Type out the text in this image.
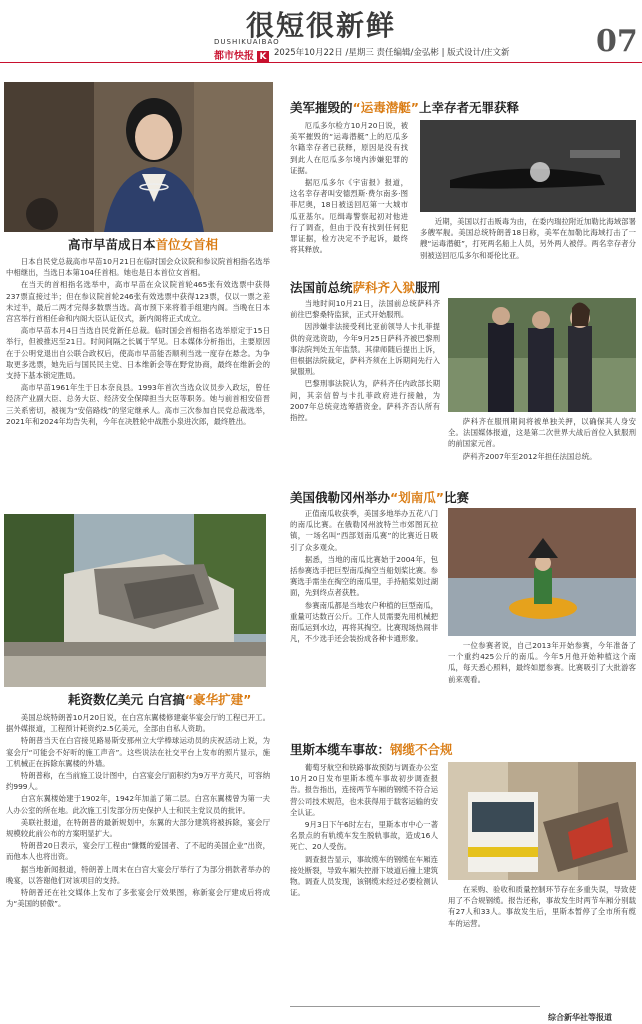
很短很新鲜
DUSHIKUAIBAO
都市快报 K 2025年10月22日 /星期三 责任编辑/金弘彬 | 版式设计/庄文新	07
高市早苗成日本首位女首相

日本自民党总裁高市早苗10月21日在临时国会众议院和参议院首相指名选举中相继出，当选日本第104任首相。她也是日本首位女首相。

在当天的首相指名选举中，高市早苗在众议院首轮465张有效选票中获得237票直接过半；但在参议院首轮246张有效选票中获得123票，仅以一票之差未过半，最后二两才完得多数票当选。高市预下来将着手组建内阁。当晚在日本宫宫举行首相任命和内阁大臣认证仪式，新内阁将正式成立。

高市早苗本月4日当选自民党新任总裁。临时国会首相指名选举原定于15日举行，但被推迟至21日。时间间隔之长属于罕见。日本媒体分析指出，主要原因在于公明党退出自公联合政权后，使高市早苗能否顺利当选一度存在悬念。为争取更多选票，她先后与国民民主党、日本维新会等在野党协商，最终在维新会的支持下基本锁定胜局。

高市早苗1961年生于日本奈良县。1993年首次当选众议员步入政坛，曾任经济产业副大臣、总务大臣、经济安全保障担当大臣等职务。她与前首相安倍晋三关系密切，被视为“安倍路线”的坚定继承人。高市三次参加自民党总裁选举，2021年和2024年均告失利，今年在决胜轮中战胜小泉进次郎，最终胜出。

耗资数亿美元 白宫搞“豪华扩建”

美国总统特朗普10月20日说，在白宫东翼楼修建豪华宴会厅的工程已开工。据外媒报道，工程预计耗资约2.5亿美元，全部由自私人资助。

特朗普当天在白宫接见路易斯安那州立大学棒球运动员的庆祝活动上说，为宴会厅“可能会不好听的施工声音”。这些说法在社交平台上发布的照片显示，施工机械正在拆除东翼楼的外墙。

特朗普称，在当前施工设计图中，白宫宴会厅面积约为9万平方英尺，可容纳约999人。

白宫东翼楼始建于1902年，1942年加盖了第二层。白宫东翼楼曾为第一夫人办公室的所在地。此次施工引发部分历史保护人士和民主党议员的批评。

美联社报道，在特朗普的最新规划中，东翼的大部分建筑将被拆除，宴会厅规模较此前公布的方案明显扩大。

特朗普20日表示，宴会厅工程由“慷慨的爱国者、了不起的美国企业”出资，而他本人也将出资。

据当地新闻报道，特朗普上周末在白宫大宴会厅举行了为部分捐款者举办的晚宴，以答谢他们对该项目的支持。

特朗普还在社交媒体上发布了多张宴会厅效果图，称新宴会厅建成后将成为“美国的骄傲”。

美军摧毁的“运毒潜艇”上幸存者无罪获释

厄瓜多尔检方10月20日说，被美军摧毁的“运毒潜艇”上的厄瓜多尔籍幸存者已获释，原因是没有找到此人在厄瓜多尔境内涉嫌犯罪的证据。

据厄瓜多尔《宇宙报》报道，这名幸存者叫安德烈斯·费尔南多·图菲尼奥，18日被送回厄第一大城市瓜亚基尔。厄缉毒警察起初对他进行了调查，但由于没有找到任何犯罪证据，检方决定不予起诉，最终将其释放。

近期，美国以打击贩毒为由，在委内瑞拉附近加勒比海域部署多艘军舰。美国总统特朗普18日称，美军在加勒比海域打击了一艘“运毒潜艇”，打死两名船上人员，另外两人被俘。两名幸存者分别被送回厄瓜多尔和哥伦比亚。

法国前总统萨科齐入狱服刑

当地时间10月21日，法国前总统萨科齐前往巴黎桑特监狱，正式开始服刑。

因涉嫌非法接受利比亚前领导人卡扎菲提供的竞选资助，今年9月25日萨科齐被巴黎刑事法院判处五年监禁。其律师随后提出上诉，但根据法院裁定，萨科齐须在上诉期间先行入狱服刑。

巴黎刑事法院认为，萨科齐任内政部长期间，其亲信曾与卡扎菲政府进行接触，为2007年总统竞选筹措资金。萨科齐否认所有指控。	萨科齐在服刑期间将被单独关押，以确保其人身安全。法国媒体报道，这是第二次世界大战后首位入狱服刑的前国家元首。

萨科齐2007年至2012年担任法国总统。

美国俄勒冈州举办“划南瓜”比赛

正值南瓜收获季，美国多地举办五花八门的南瓜比赛。在俄勒冈州波特兰市郊图瓦拉镇，一场名叫“西部划南瓜赛”的比赛近日吸引了众多观众。

据悉，当地的南瓜比赛始于2004年，包括参赛选手把巨型南瓜掏空当船划桨比赛。参赛选手需坐在掏空的南瓜里，手持船桨划过湖面，先到终点者获胜。

参赛南瓜都是当地农户种植的巨型南瓜，重量可达数百公斤。工作人员需要先用机械把南瓜运到水边，再将其掏空。比赛现场热闹非凡，不少选手还会装扮成各种卡通形象。

一位参赛者说，自己2013年开始参赛，今年准备了一个重约425公斤的南瓜。今年5月他开始种植这个南瓜，每天悉心照料，最终如愿参赛。比赛吸引了大批游客前来观看。

里斯本缆车事故：钢缆不合规

葡萄牙航空和铁路事故预防与调查办公室10月20日发布里斯本缆车事故初步调查报告。报告指出，连接两节车厢的钢缆不符合运营公司技术规范，也未获得用于载客运输的安全认证。

9月3日下午6时左右，里斯本市中心一著名景点的有轨缆车发生脱轨事故，造成16人死亡、20人受伤。

调查报告显示，事故缆车的钢缆在车厢连接处断裂，导致车厢失控滑下坡道后撞上建筑物。调查人员发现，该钢缆未经过必要检测认证。	在采购、验收和质量控制环节存在多重失误，导致使用了不合规钢缆。报告还称，事故发生时两节车厢分别载有27人和33人。事故发生后，里斯本暂停了全市所有缆车的运营。

综合新华社等报道
